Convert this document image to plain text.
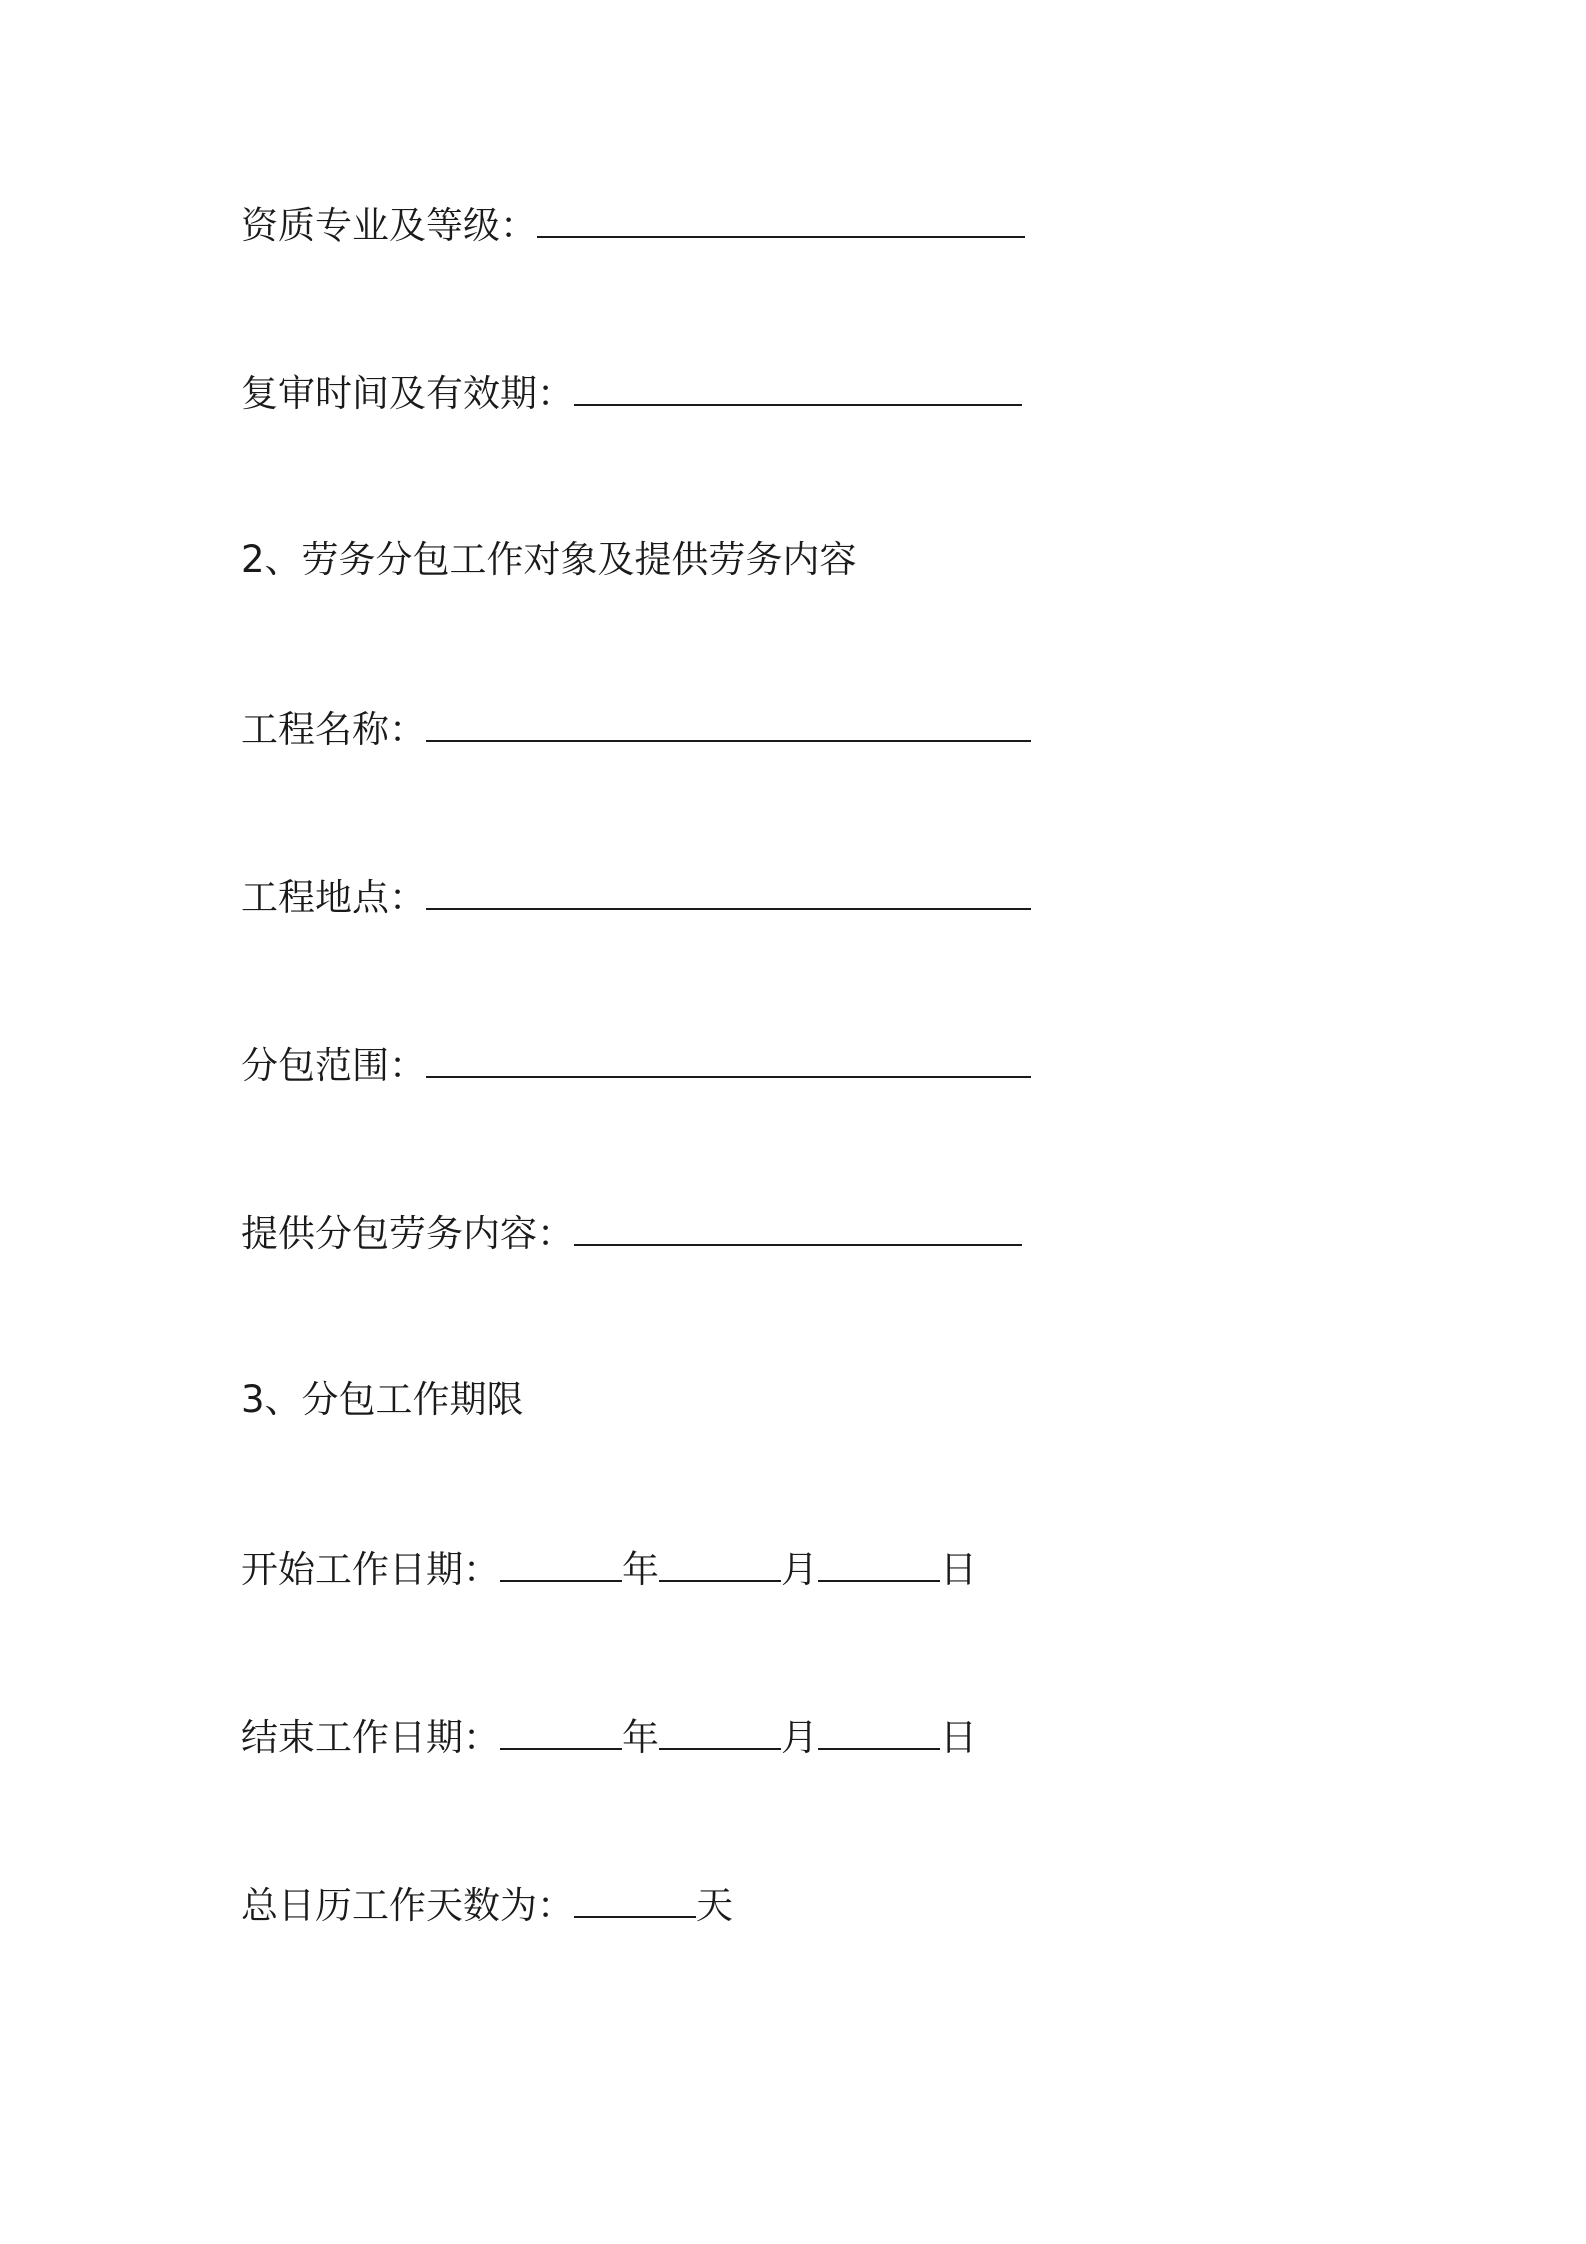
资质专业及等级：
复审时间及有效期：
2、劳务分包工作对象及提供劳务内容
工程名称：
工程地点：
分包范围：
提供分包劳务内容：
3、分包工作期限
开始工作日期：	年	月	日
结束工作日期：	年	月	日
总日历工作天数为：	天
